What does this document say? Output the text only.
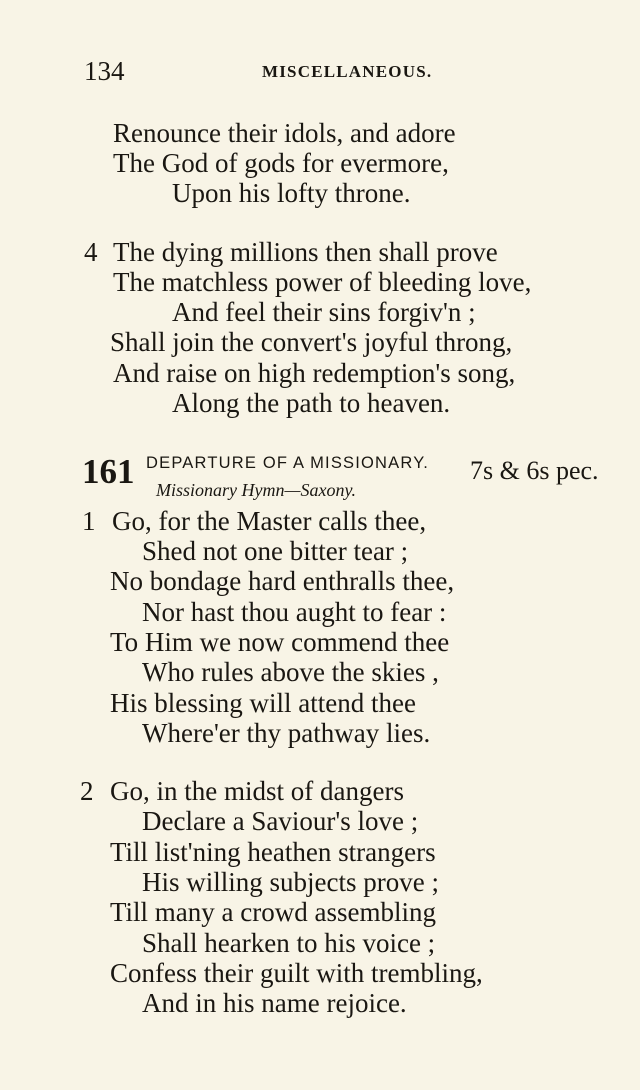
134	MISCELLANEOUS.
Renounce their idols, and adore
The God of gods for evermore,
Upon his lofty throne.
4 The dying millions then shall prove
The matchless power of bleeding love,
And feel their sins forgiv'n ;
Shall join the convert's joyful throng,
And raise on high redemption's song,
Along the path to heaven.
161 DEPARTURE OF A MISSIONARY. 7s & 6s pec.
Missionary Hymn—Saxony.
1 Go, for the Master calls thee,
Shed not one bitter tear ;
No bondage hard enthralls thee,
Nor hast thou aught to fear :
To Him we now commend thee
Who rules above the skies ,
His blessing will attend thee
Where'er thy pathway lies.
2 Go, in the midst of dangers
Declare a Saviour's love ;
Till list'ning heathen strangers
His willing subjects prove ;
Till many a crowd assembling
Shall hearken to his voice ;
Confess their guilt with trembling,
And in his name rejoice.
